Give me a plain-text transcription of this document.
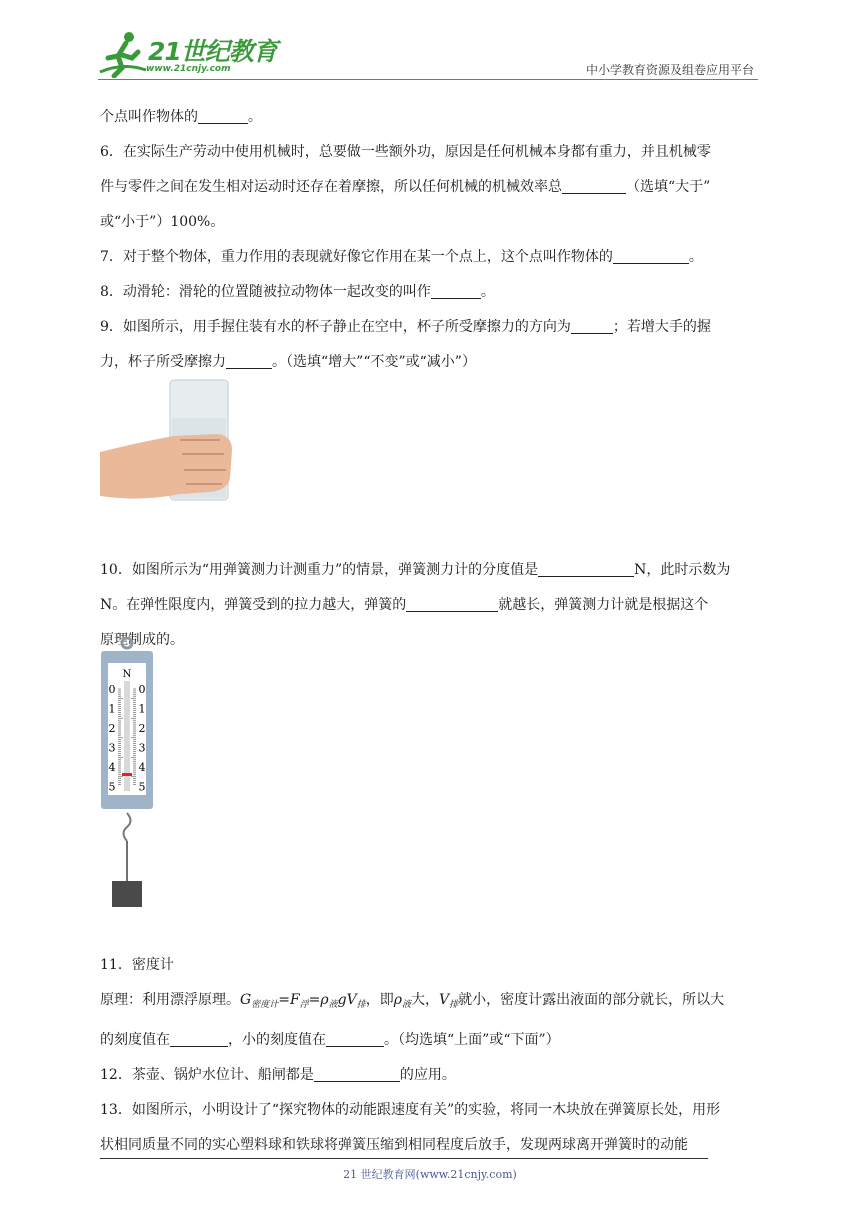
21世纪教育
www.21cnjy.com	中小学教育资源及组卷应用平台

个点叫作物体的	。

6．在实际生产劳动中使用机械时，总要做一些额外功，原因是任何机械本身都有重力，并且机械零

件与零件之间在发生相对运动时还存在着摩擦，所以任何机械的机械效率总	（选填“大于”

或“小于”）100%。

7．对于整个物体，重力作用的表现就好像它作用在某一个点上，这个点叫作物体的	。

8．动滑轮：滑轮的位置随被拉动物体一起改变的叫作	。

9．如图所示，用手握住装有水的杯子静止在空中，杯子所受摩擦力的方向为	；若增大手的握

力，杯子所受摩擦力	。（选填“增大”“不变”或“减小”）

10．如图所示为“用弹簧测力计测重力”的情景，弹簧测力计的分度值是	N，此时示数为

N。在弹性限度内，弹簧受到的拉力越大，弹簧的	就越长，弹簧测力计就是根据这个

原理制成的。

11．密度计

原理：利用漂浮原理。$G_{密度计}=F_浮=\rho_液gV_排$，即$\rho_液$大，$V_排$就小，密度计露出液面的部分就长，所以大

的刻度值在	，小的刻度值在	。（均选填“上面”或“下面”）

12．茶壶、锅炉水位计、船闸都是	的应用。

13．如图所示，小明设计了“探究物体的动能跟速度有关”的实验，将同一木块放在弹簧原长处，用形

状相同质量不同的实心塑料球和铁球将弹簧压缩到相同程度后放手，发现两球离开弹簧时的动能

N
0 0
1 1
2 2
3 3
4 4
5 5
21 世纪教育网(www.21cnjy.com)
